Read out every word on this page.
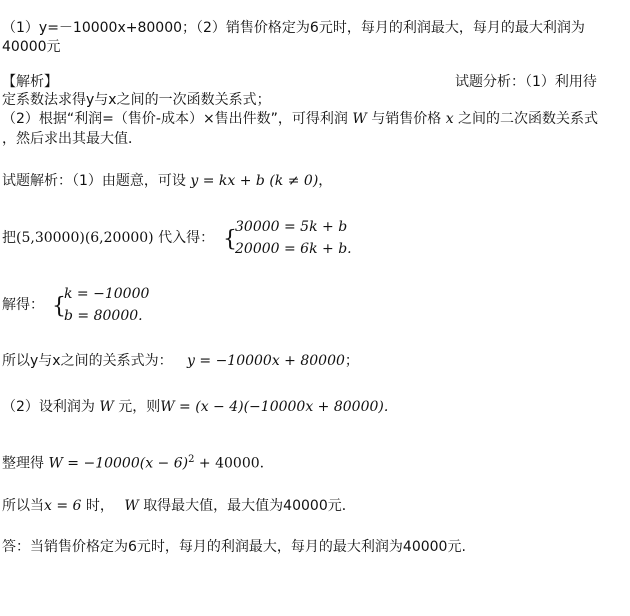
（1）y=－10000x+80000；（2）销售价格定为6元时，每月的利润最大，每月的最大利润为
40000元
【解析】	试题分析：（1）利用待
定系数法求得y与x之间的一次函数关系式；
（2）根据“利润=（售价-成本）×售出件数”，可得利润 W 与销售价格 x 之间的二次函数关系式
，然后求出其最大值．
试题解析：（1）由题意，可设 y = kx + b (k ≠ 0)，
把(5,30000)(6,20000) 代入得： {
30000 = 5k + b
20000 = 6k + b.
解得： {
k = −10000
b = 80000.
所以y与x之间的关系式为： y = −10000x + 80000；
（2）设利润为 W 元，则W = (x − 4)(−10000x + 80000).
整理得 $W = -10000(x - 6)^2 + 40000$.
所以当x = 6 时， W 取得最大值，最大值为40000元．
答：当销售价格定为6元时，每月的利润最大，每月的最大利润为40000元.
